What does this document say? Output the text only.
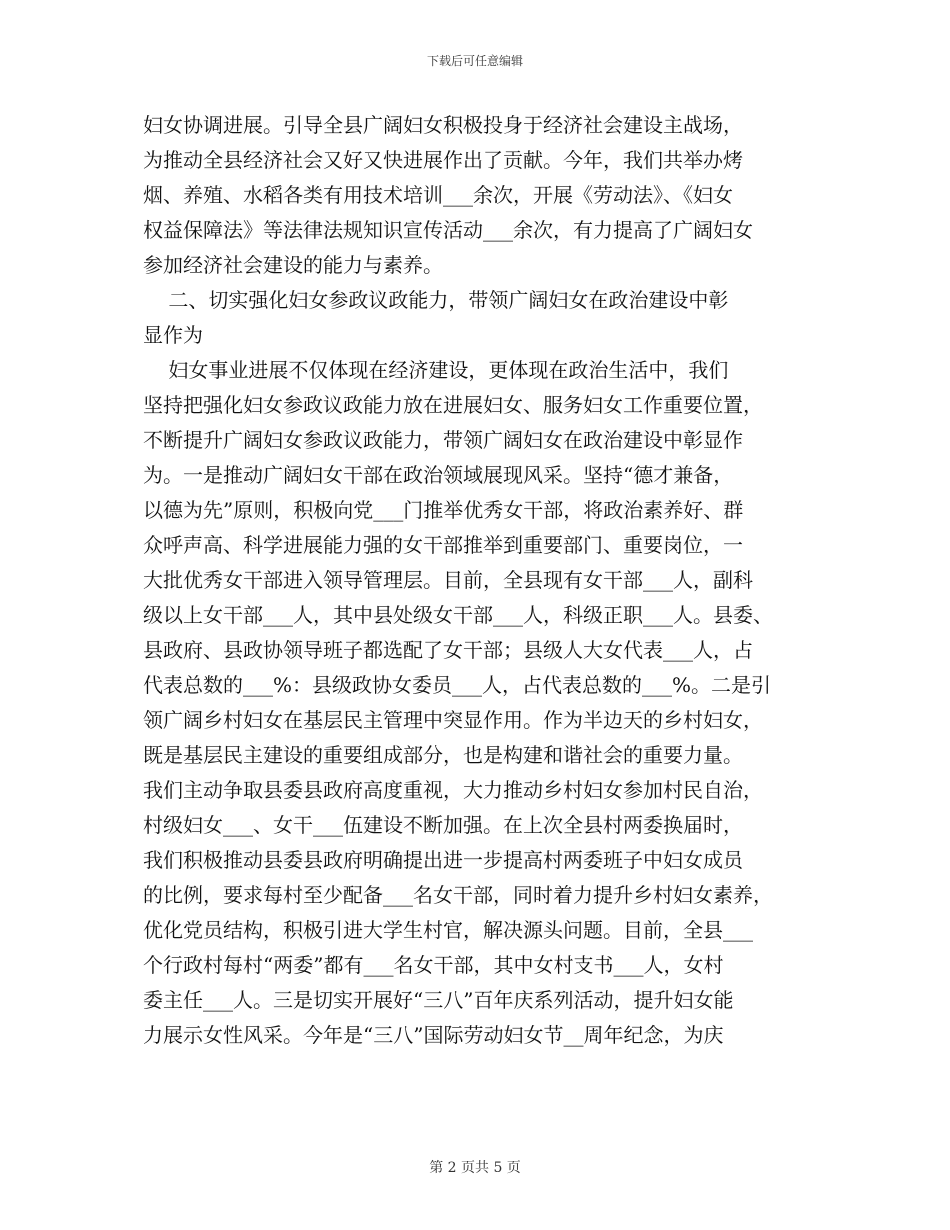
下载后可任意编辑
妇女协调进展。引导全县广阔妇女积极投身于经济社会建设主战场，
为推动全县经济社会又好又快进展作出了贡献。今年，我们共举办烤
烟、养殖、水稻各类有用技术培训___余次，开展《劳动法》、《妇女
权益保障法》等法律法规知识宣传活动___余次，有力提高了广阔妇女
参加经济社会建设的能力与素养。
二、切实强化妇女参政议政能力，带领广阔妇女在政治建设中彰
显作为
妇女事业进展不仅体现在经济建设，更体现在政治生活中，我们
坚持把强化妇女参政议政能力放在进展妇女、服务妇女工作重要位置，
不断提升广阔妇女参政议政能力，带领广阔妇女在政治建设中彰显作
为。一是推动广阔妇女干部在政治领域展现风采。坚持“德才兼备，
以德为先”原则，积极向党___门推举优秀女干部，将政治素养好、群
众呼声高、科学进展能力强的女干部推举到重要部门、重要岗位，一
大批优秀女干部进入领导管理层。目前，全县现有女干部___人，副科
级以上女干部___人，其中县处级女干部___人，科级正职___人。县委、
县政府、县政协领导班子都选配了女干部；县级人大女代表___人，占
代表总数的___%：县级政协女委员___人，占代表总数的___%。二是引
领广阔乡村妇女在基层民主管理中突显作用。作为半边天的乡村妇女，
既是基层民主建设的重要组成部分，也是构建和谐社会的重要力量。
我们主动争取县委县政府高度重视，大力推动乡村妇女参加村民自治，
村级妇女___、女干___伍建设不断加强。在上次全县村两委换届时，
我们积极推动县委县政府明确提出进一步提高村两委班子中妇女成员
的比例，要求每村至少配备___名女干部，同时着力提升乡村妇女素养，
优化党员结构，积极引进大学生村官，解决源头问题。目前，全县___
个行政村每村“两委”都有___名女干部，其中女村支书___人，女村
委主任___人。三是切实开展好“三八”百年庆系列活动，提升妇女能
力展示女性风采。今年是“三八”国际劳动妇女节__周年纪念，为庆
第 2 页共 5 页
